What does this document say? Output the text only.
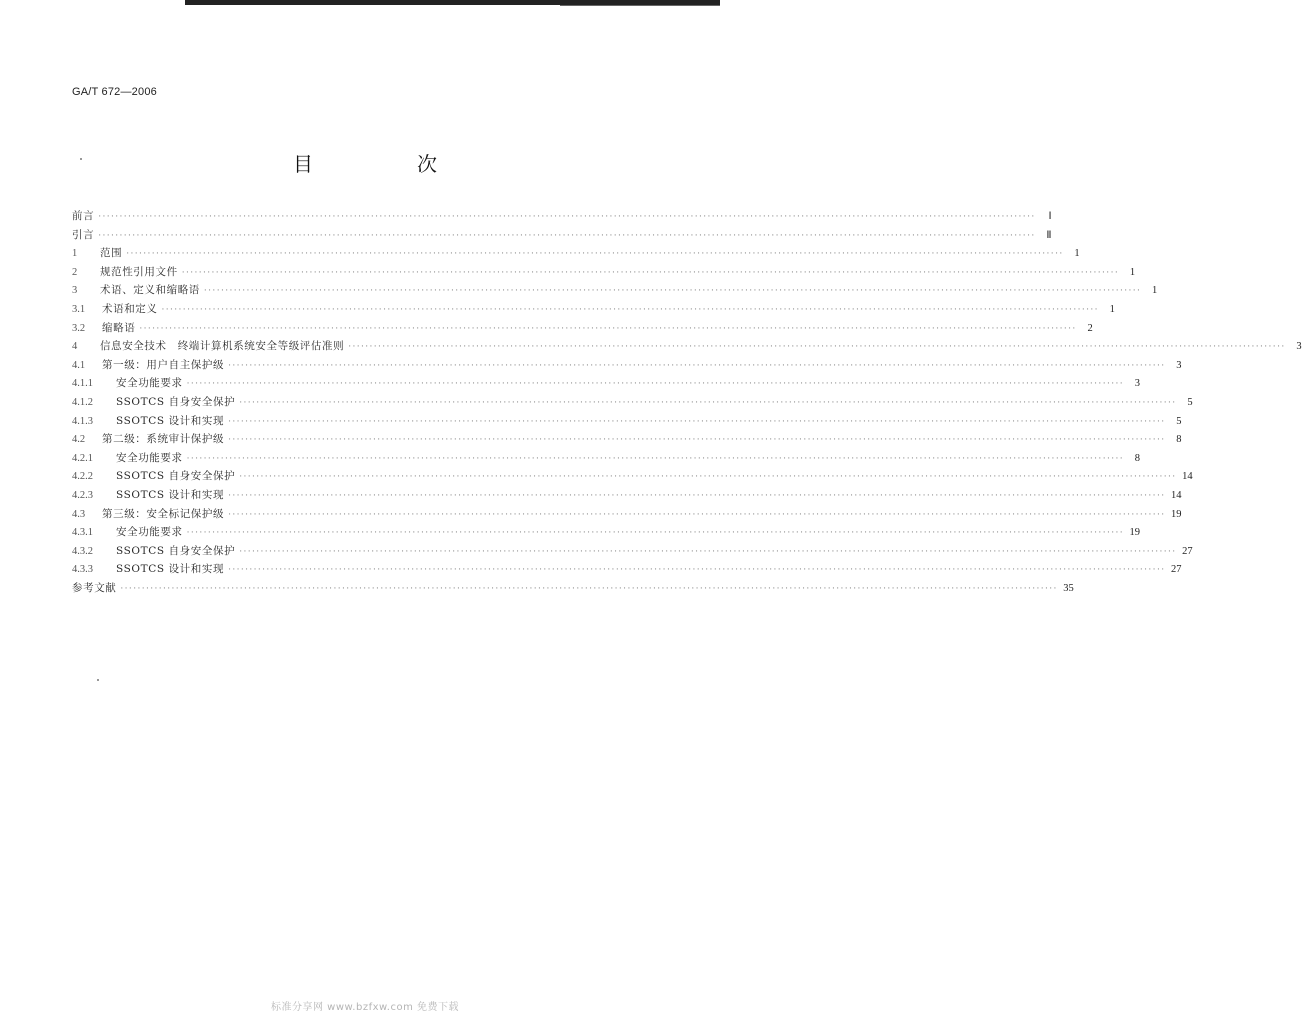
GA/T 672—2006
目　次
前言 ····························································································································································································································	Ⅰ
引言 ····························································································································································································································	Ⅱ
1	范围 ····························································································································································································································	1
2	规范性引用文件 ····························································································································································································································	1
3	术语、定义和缩略语 ····························································································································································································································	1
3.1	术语和定义 ····························································································································································································································	1
3.2	缩略语 ····························································································································································································································	2
4	信息安全技术　终端计算机系统安全等级评估准则 ····························································································································································································································	3
4.1	第一级：用户自主保护级 ····························································································································································································································	3
4.1.1	安全功能要求 ····························································································································································································································	3
4.1.2	SSOTCS 自身安全保护 ····························································································································································································································	5
4.1.3	SSOTCS 设计和实现 ····························································································································································································································	5
4.2	第二级：系统审计保护级 ····························································································································································································································	8
4.2.1	安全功能要求 ····························································································································································································································	8
4.2.2	SSOTCS 自身安全保护 ···························································································································································································································· 14
4.2.3	SSOTCS 设计和实现 ···························································································································································································································· 14
4.3	第三级：安全标记保护级 ···························································································································································································································· 19
4.3.1	安全功能要求 ···························································································································································································································· 19
4.3.2	SSOTCS 自身安全保护 ···························································································································································································································· 27
4.3.3	SSOTCS 设计和实现 ···························································································································································································································· 27
参考文献 ···························································································································································································································· 35
标准分享网 www.bzfxw.com 免费下载
